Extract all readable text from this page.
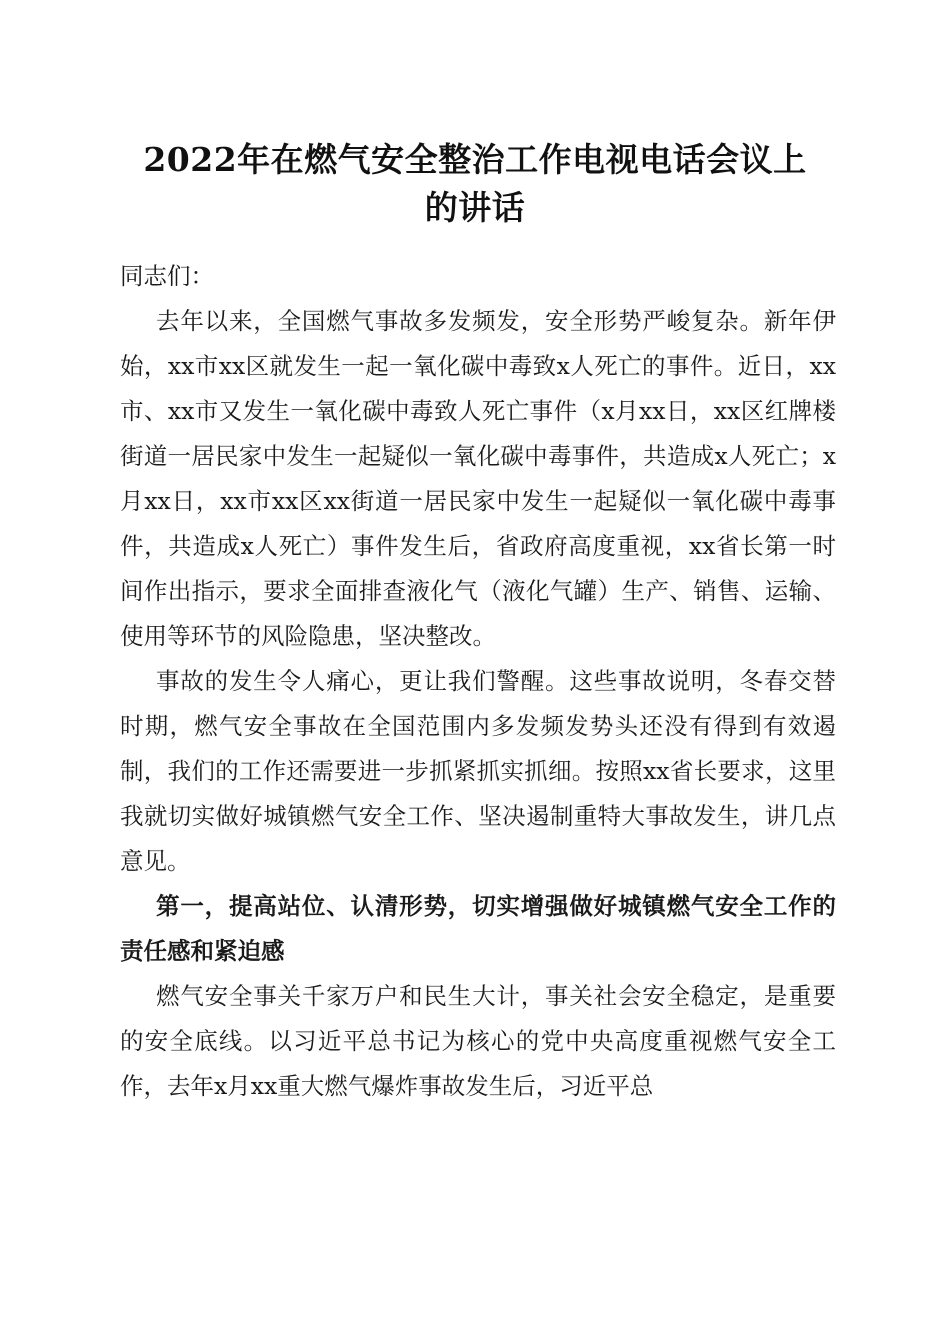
2022年在燃气安全整治工作电视电话会议上
的讲话

同志们：

去年以来，全国燃气事故多发频发，安全形势严峻复杂。新年伊始，xx市xx区就发生一起一氧化碳中毒致x人死亡的事件。近日，xx市、xx市又发生一氧化碳中毒致人死亡事件（x月xx日，xx区红牌楼街道一居民家中发生一起疑似一氧化碳中毒事件，共造成x人死亡；x月xx日，xx市xx区xx街道一居民家中发生一起疑似一氧化碳中毒事件，共造成x人死亡）事件发生后，省政府高度重视，xx省长第一时间作出指示，要求全面排查液化气（液化气罐）生产、销售、运输、使用等环节的风险隐患，坚决整改。

事故的发生令人痛心，更让我们警醒。这些事故说明，冬春交替时期，燃气安全事故在全国范围内多发频发势头还没有得到有效遏制，我们的工作还需要进一步抓紧抓实抓细。按照xx省长要求，这里我就切实做好城镇燃气安全工作、坚决遏制重特大事故发生，讲几点意见。

第一，提高站位、认清形势，切实增强做好城镇燃气安全工作的责任感和紧迫感

燃气安全事关千家万户和民生大计，事关社会安全稳定，是重要的安全底线。以习近平总书记为核心的党中央高度重视燃气安全工作，去年x月xx重大燃气爆炸事故发生后，习近平总
